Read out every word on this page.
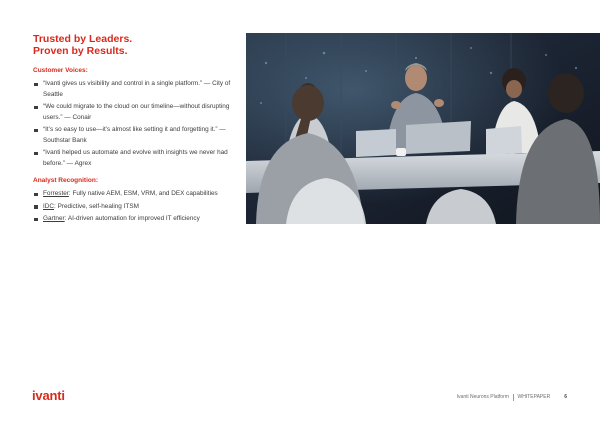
Trusted by Leaders.
Proven by Results.
Customer Voices:
“Ivanti gives us visibility and control in a single platform.” — City of Seattle
“We could migrate to the cloud on our timeline—without disrupting users.” — Conair
“It’s so easy to use—it’s almost like setting it and forgetting it.” — Southstar Bank
“Ivanti helped us automate and evolve with insights we never had before.” — Agrex
Analyst Recognition:
Forrester: Fully native AEM, ESM, VRM, and DEX capabilities
IDC: Predictive, self-healing ITSM
Gartner: AI-driven automation for improved IT efficiency
ivanti	Ivanti Neurons Platform WHITEPAPER	6
